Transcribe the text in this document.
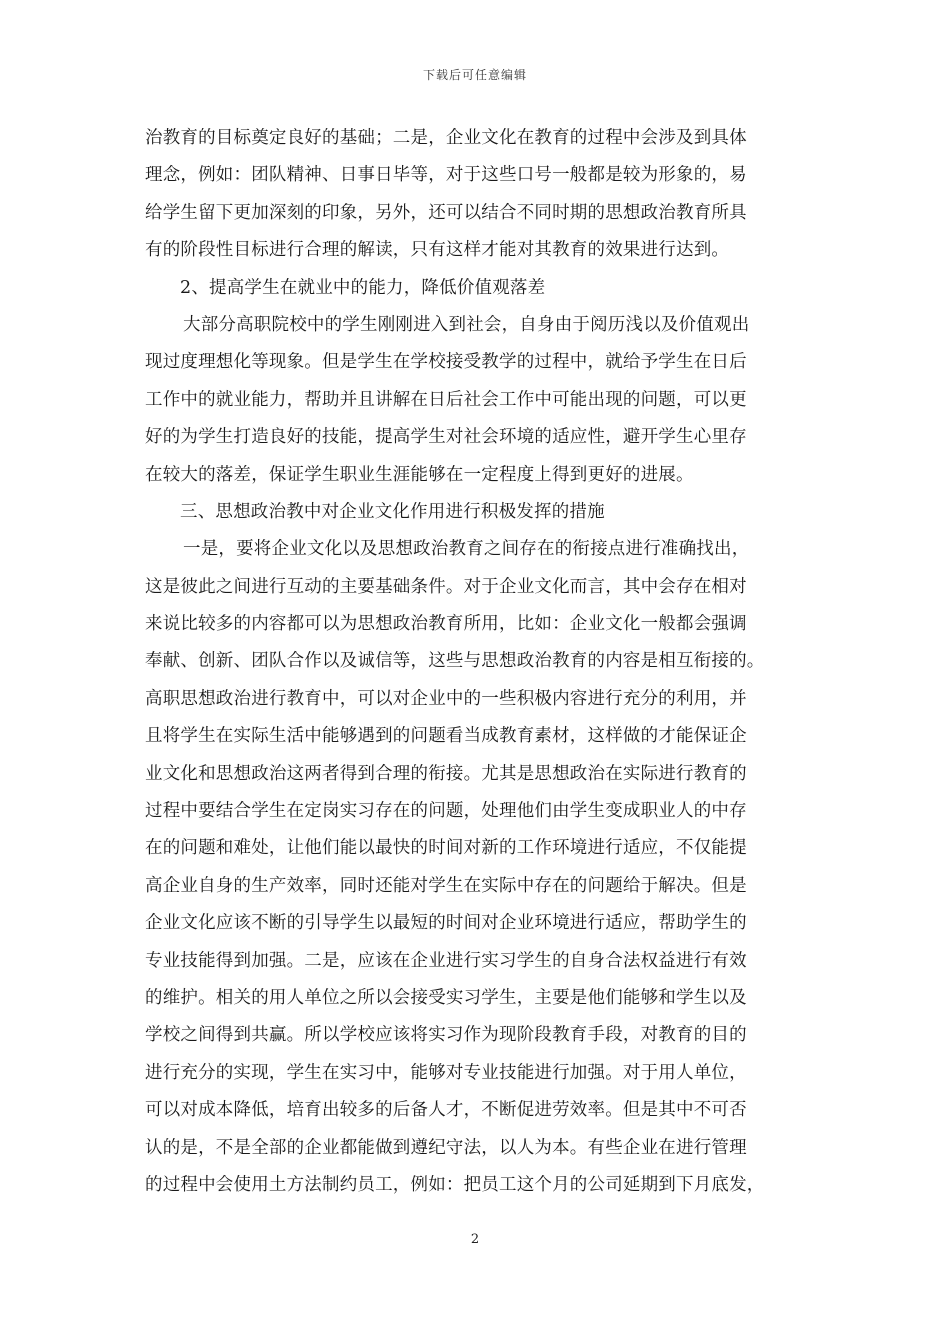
下载后可任意编辑
治教育的目标奠定良好的基础；二是，企业文化在教育的过程中会涉及到具体
理念，例如：团队精神、日事日毕等，对于这些口号一般都是较为形象的，易
给学生留下更加深刻的印象，另外，还可以结合不同时期的思想政治教育所具
有的阶段性目标进行合理的解读，只有这样才能对其教育的效果进行达到。
2、提高学生在就业中的能力，降低价值观落差
大部分高职院校中的学生刚刚进入到社会，自身由于阅历浅以及价值观出
现过度理想化等现象。但是学生在学校接受教学的过程中，就给予学生在日后
工作中的就业能力，帮助并且讲解在日后社会工作中可能出现的问题，可以更
好的为学生打造良好的技能，提高学生对社会环境的适应性，避开学生心里存
在较大的落差，保证学生职业生涯能够在一定程度上得到更好的进展。
三、思想政治教中对企业文化作用进行积极发挥的措施
一是，要将企业文化以及思想政治教育之间存在的衔接点进行准确找出，
这是彼此之间进行互动的主要基础条件。对于企业文化而言，其中会存在相对
来说比较多的内容都可以为思想政治教育所用，比如：企业文化一般都会强调
奉献、创新、团队合作以及诚信等，这些与思想政治教育的内容是相互衔接的。
高职思想政治进行教育中，可以对企业中的一些积极内容进行充分的利用，并
且将学生在实际生活中能够遇到的问题看当成教育素材，这样做的才能保证企
业文化和思想政治这两者得到合理的衔接。尤其是思想政治在实际进行教育的
过程中要结合学生在定岗实习存在的问题，处理他们由学生变成职业人的中存
在的问题和难处，让他们能以最快的时间对新的工作环境进行适应，不仅能提
高企业自身的生产效率，同时还能对学生在实际中存在的问题给于解决。但是
企业文化应该不断的引导学生以最短的时间对企业环境进行适应，帮助学生的
专业技能得到加强。二是，应该在企业进行实习学生的自身合法权益进行有效
的维护。相关的用人单位之所以会接受实习学生，主要是他们能够和学生以及
学校之间得到共赢。所以学校应该将实习作为现阶段教育手段，对教育的目的
进行充分的实现，学生在实习中，能够对专业技能进行加强。对于用人单位，
可以对成本降低，培育出较多的后备人才，不断促进劳效率。但是其中不可否
认的是，不是全部的企业都能做到遵纪守法，以人为本。有些企业在进行管理
的过程中会使用土方法制约员工，例如：把员工这个月的公司延期到下月底发，
2
